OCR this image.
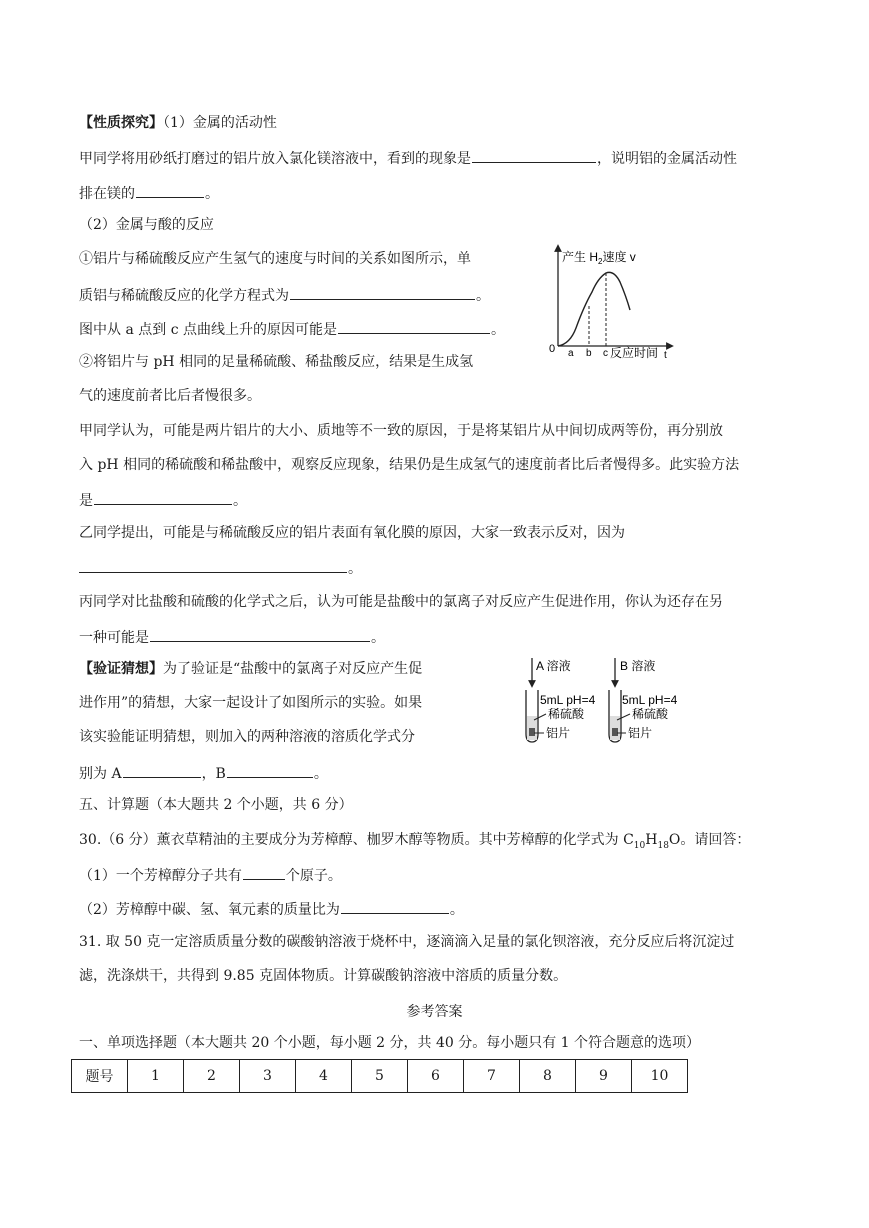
【性质探究】（1）金属的活动性
甲同学将用砂纸打磨过的铝片放入氯化镁溶液中，看到的现象是	，说明铝的金属活动性
排在镁的	。
（2）金属与酸的反应
①铝片与稀硫酸反应产生氢气的速度与时间的关系如图所示，单
质铝与稀硫酸反应的化学方程式为	。
图中从 a 点到 c 点曲线上升的原因可能是	。
②将铝片与 pH 相同的足量稀硫酸、稀盐酸反应，结果是生成氢
气的速度前者比后者慢很多。
产生 $H_2$速度 v
0 a b c 反应时间 t
甲同学认为，可能是两片铝片的大小、质地等不一致的原因，于是将某铝片从中间切成两等份，再分别放
入 pH 相同的稀硫酸和稀盐酸中，观察反应现象，结果仍是生成氢气的速度前者比后者慢得多。此实验方法
是	。
乙同学提出，可能是与稀硫酸反应的铝片表面有氧化膜的原因，大家一致表示反对，因为
。
丙同学对比盐酸和硫酸的化学式之后，认为可能是盐酸中的氯离子对反应产生促进作用，你认为还存在另
一种可能是	。
【验证猜想】为了验证是“盐酸中的氯离子对反应产生促
进作用”的猜想，大家一起设计了如图所示的实验。如果
该实验能证明猜想，则加入的两种溶液的溶质化学式分
别为 A	，B	。
A 溶液
5mL pH=4
稀硫酸
铝片
B 溶液
5mL pH=4
稀硫酸
铝片
五、计算题（本大题共 2 个小题，共 6 分）
30.（6 分）薰衣草精油的主要成分为芳樟醇、枷罗木醇等物质。其中芳樟醇的化学式为 $C_{10}H_{18}O$。请回答：
（1）一个芳樟醇分子共有	个原子。
（2）芳樟醇中碳、氢、氧元素的质量比为	。
31. 取 50 克一定溶质质量分数的碳酸钠溶液于烧杯中，逐滴滴入足量的氯化钡溶液，充分反应后将沉淀过
滤，洗涤烘干，共得到 9.85 克固体物质。计算碳酸钠溶液中溶质的质量分数。
参考答案
一、单项选择题（本大题共 20 个小题，每小题 2 分，共 40 分。每小题只有 1 个符合题意的选项）
题号	1	2	3	4	5	6	7	8	9	10
